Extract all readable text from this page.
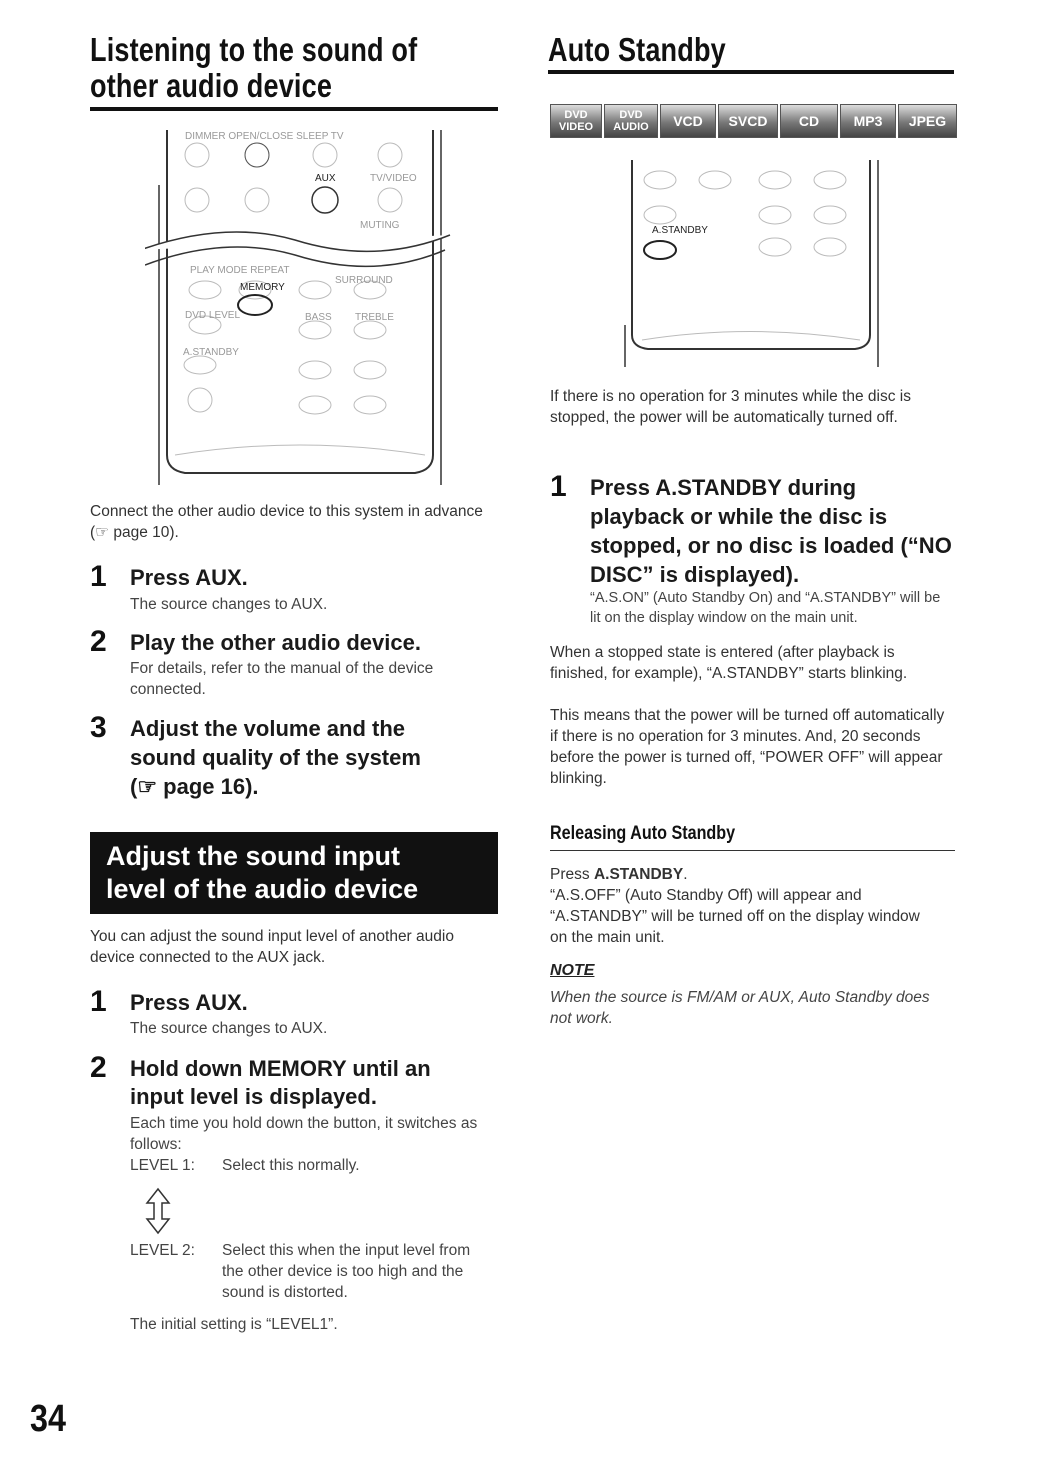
Listening to the sound of
other audio device
DIMMER OPEN/CLOSE SLEEP TV
AUX	TV/VIDEO
MUTING
PLAY MODE REPEAT
MEMORY
SURROUND
DVD LEVEL	BASS TREBLE
A.STANDBY
Connect the other audio device to this system in advance (☞ page 10).
1 Press AUX.
The source changes to AUX.
2 Play the other audio device.
For details, refer to the manual of the device connected.
3 Adjust the volume and the
sound quality of the system
(☞ page 16).
Adjust the sound input
level of the audio device
You can adjust the sound input level of another audio device connected to the AUX jack.
1 Press AUX.
The source changes to AUX.
2 Hold down MEMORY until an
input level is displayed.
Each time you hold down the button, it switches as follows:
LEVEL 1:	Select this normally.
LEVEL 2:	Select this when the input level from the other device is too high and the sound is distorted.
The initial setting is “LEVEL1”.
34
Auto Standby
DVD VIDEO
DVD AUDIO	VCD	SVCD	CD	MP3	JPEG
A.STANDBY
If there is no operation for 3 minutes while the disc is stopped, the power will be automatically turned off.
1 Press A.STANDBY during playback or while the disc is stopped, or no disc is loaded (“NO DISC” is displayed).
“A.S.ON” (Auto Standby On) and “A.STANDBY” will be lit on the display window on the main unit.
When a stopped state is entered (after playback is finished, for example), “A.STANDBY” starts blinking.
This means that the power will be turned off automatically if there is no operation for 3 minutes. And, 20 seconds before the power is turned off, “POWER OFF” will appear blinking.
Releasing Auto Standby
Press A.STANDBY.
“A.S.OFF” (Auto Standby Off) will appear and “A.STANDBY” will be turned off on the display window on the main unit.
NOTE
When the source is FM/AM or AUX, Auto Standby does not work.
